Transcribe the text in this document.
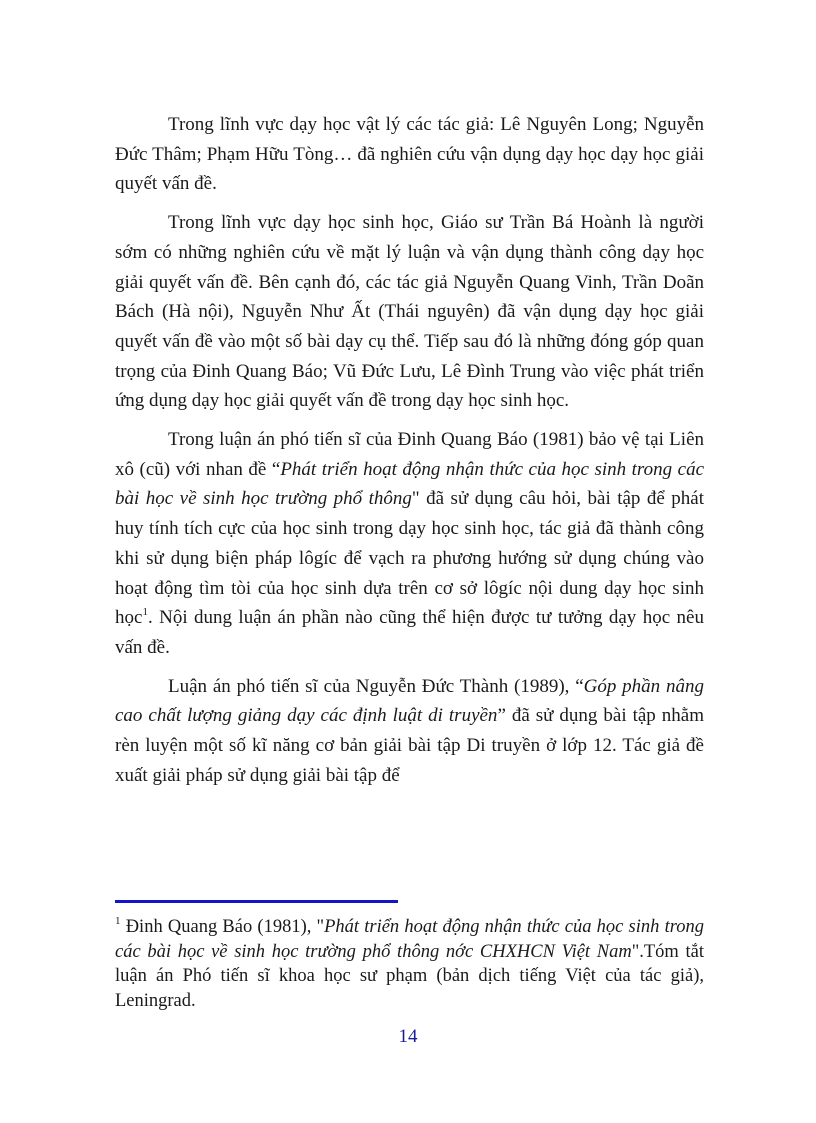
Trong lĩnh vực dạy học vật lý các tác giả: Lê Nguyên Long; Nguyễn Đức Thâm; Phạm Hữu Tòng… đã nghiên cứu vận dụng dạy học dạy học giải quyết vấn đề.

Trong lĩnh vực dạy học sinh học, Giáo sư Trần Bá Hoành là người sớm có những nghiên cứu về mặt lý luận và vận dụng thành công dạy học giải quyết vấn đề. Bên cạnh đó, các tác giả Nguyễn Quang Vinh, Trần Doãn Bách (Hà nội), Nguyễn Như Ất (Thái nguyên) đã vận dụng dạy học giải quyết vấn đề vào một số bài dạy cụ thể. Tiếp sau đó là những đóng góp quan trọng của Đinh Quang Báo; Vũ Đức Lưu, Lê Đình Trung vào việc phát triển ứng dụng dạy học giải quyết vấn đề trong dạy học sinh học.

Trong luận án phó tiến sĩ của Đinh Quang Báo (1981) bảo vệ tại Liên xô (cũ) với nhan đề “Phát triển hoạt động nhận thức của học sinh trong các bài học về sinh học trường phổ thông" đã sử dụng câu hỏi, bài tập để phát huy tính tích cực của học sinh trong dạy học sinh học, tác giả đã thành công khi sử dụng biện pháp lôgíc để vạch ra phương hướng sử dụng chúng vào hoạt động tìm tòi của học sinh dựa trên cơ sở lôgíc nội dung dạy học sinh học$^1$. Nội dung luận án phần nào cũng thể hiện được tư tưởng dạy học nêu vấn đề.

Luận án phó tiến sĩ của Nguyễn Đức Thành (1989), “Góp phần nâng cao chất lượng giảng dạy các định luật di truyền” đã sử dụng bài tập nhằm rèn luyện một số kĩ năng cơ bản giải bài tập Di truyền ở lớp 12. Tác giả đề xuất giải pháp sử dụng giải bài tập để

$^1$ Đinh Quang Báo (1981), "Phát triển hoạt động nhận thức của học sinh trong các bài học về sinh học trường phổ thông nớc CHXHCN Việt Nam".Tóm tắt luận án Phó tiến sĩ khoa học sư phạm (bản dịch tiếng Việt của tác giả), Leningrad.

14
